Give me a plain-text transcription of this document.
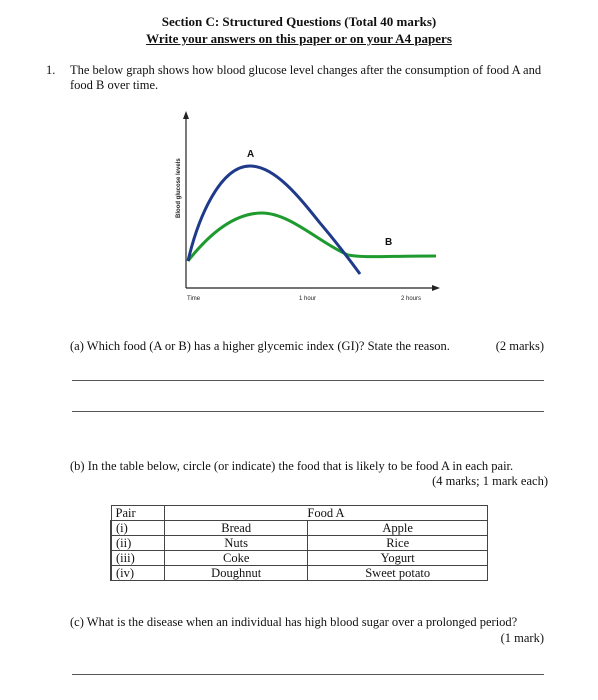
Section C: Structured Questions (Total 40 marks)
Write your answers on this paper or on your A4 papers
1. The below graph shows how blood glucose level changes after the consumption of food A and food B over time.
A
B
Blood glucose levels
Time	1 hour	2 hours
(a) Which food (A or B) has a higher glycemic index (GI)? State the reason.	(2 marks)
(b) In the table below, circle (or indicate) the food that is likely to be food A in each pair.
(4 marks; 1 mark each)
Pair	Food A	
(i)	Bread	Apple
(ii)	Nuts	Rice
(iii)	Coke	Yogurt
(iv)	Doughnut	Sweet potato
(c) What is the disease when an individual has high blood sugar over a prolonged period?
(1 mark)
